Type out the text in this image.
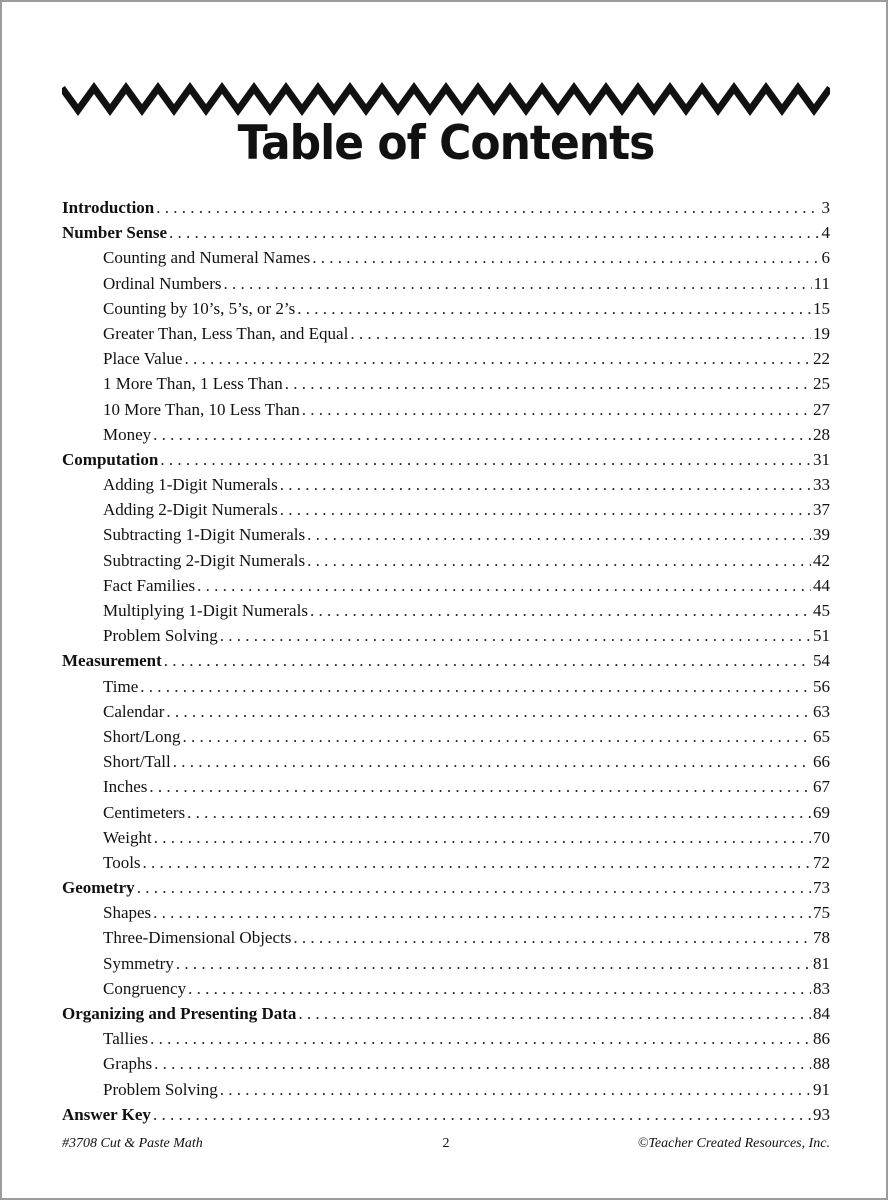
Table of Contents
Introduction . . .	3
Number Sense . . .	4
Counting and Numeral Names . . .	6
Ordinal Numbers . . .	11
Counting by 10’s, 5’s, or 2’s . . .	15
Greater Than, Less Than, and Equal . . .	19
Place Value . . .	22
1 More Than, 1 Less Than . . .	25
10 More Than, 10 Less Than . . .	27
Money . . .	28
Computation . . .	31
Adding 1-Digit Numerals . . .	33
Adding 2-Digit Numerals . . .	37
Subtracting 1-Digit Numerals . . .	39
Subtracting 2-Digit Numerals . . .	42
Fact Families . . .	44
Multiplying 1-Digit Numerals . . .	45
Problem Solving . . .	51
Measurement . . .	54
Time . . .	56
Calendar . . .	63
Short/Long . . .	65
Short/Tall . . .	66
Inches . . .	67
Centimeters . . .	69
Weight . . .	70
Tools . . .	72
Geometry . . .	73
Shapes . . .	75
Three-Dimensional Objects . . .	78
Symmetry . . .	81
Congruency . . .	83
Organizing and Presenting Data . . .	84
Tallies . . .	86
Graphs . . .	88
Problem Solving . . .	91
Answer Key . . .	93
#3708 Cut & Paste Math	2	©Teacher Created Resources, Inc.
